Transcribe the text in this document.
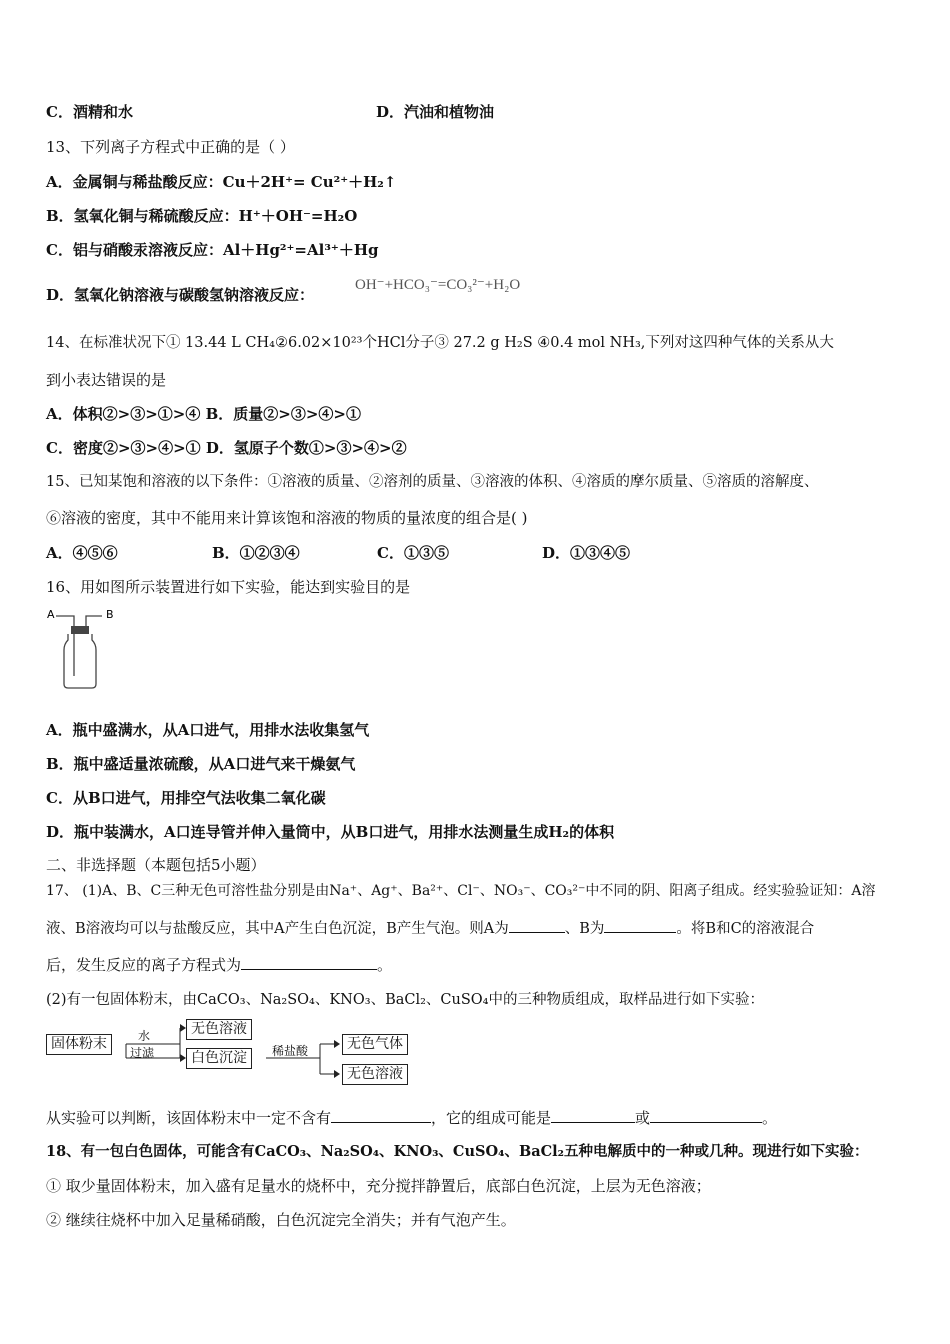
C．酒精和水	D．汽油和植物油
13、下列离子方程式中正确的是（ ）
A．金属铜与稀盐酸反应：Cu＋2H⁺= Cu²⁺＋H₂↑
B．氢氧化铜与稀硫酸反应：H⁺＋OH⁻=H₂O
C．铝与硝酸汞溶液反应：Al＋Hg²⁺=Al³⁺＋Hg
D．氢氧化钠溶液与碳酸氢钠溶液反应：
OH⁻+HCO₃⁻=CO₃²⁻+H₂O
14、在标准状况下① 13.44 L CH₄②6.02×10²³个HCl分子③ 27.2 g H₂S ④0.4 mol NH₃,下列对这四种气体的关系从大
到小表达错误的是
A．体积②>③>①>④ B．质量②>③>④>①
C．密度②>③>④>① D．氢原子个数①>③>④>②
15、已知某饱和溶液的以下条件：①溶液的质量、②溶剂的质量、③溶液的体积、④溶质的摩尔质量、⑤溶质的溶解度、
⑥溶液的密度，其中不能用来计算该饱和溶液的物质的量浓度的组合是( )
A．④⑤⑥	B．①②③④	C．①③⑤	D．①③④⑤
16、用如图所示装置进行如下实验，能达到实验目的是
A	B
A．瓶中盛满水，从A口进气，用排水法收集氢气
B．瓶中盛适量浓硫酸，从A口进气来干燥氨气
C．从B口进气，用排空气法收集二氧化碳
D．瓶中装满水，A口连导管并伸入量筒中，从B口进气，用排水法测量生成H₂的体积
二、非选择题（本题包括5小题）
17、 (1)A、B、C三种无色可溶性盐分别是由Na⁺、Ag⁺、Ba²⁺、Cl⁻、NO₃⁻、CO₃²⁻中不同的阴、阳离子组成。经实验验证知：A溶
液、B溶液均可以与盐酸反应，其中A产生白色沉淀，B产生气泡。则A为	、B为	。将B和C的溶液混合
后，发生反应的离子方程式为	。
(2)有一包固体粉末，由CaCO₃、Na₂SO₄、KNO₃、BaCl₂、CuSO₄中的三种物质组成，取样品进行如下实验：
固体粉末	水
过滤
无色溶液
白色沉淀	稀盐酸	无色气体
无色溶液
从实验可以判断，该固体粉末中一定不含有	，它的组成可能是	或	。
18、有一包白色固体，可能含有CaCO₃、Na₂SO₄、KNO₃、CuSO₄、BaCl₂五种电解质中的一种或几种。现进行如下实验：
① 取少量固体粉末，加入盛有足量水的烧杯中，充分搅拌静置后，底部白色沉淀，上层为无色溶液；
② 继续往烧杯中加入足量稀硝酸，白色沉淀完全消失；并有气泡产生。
